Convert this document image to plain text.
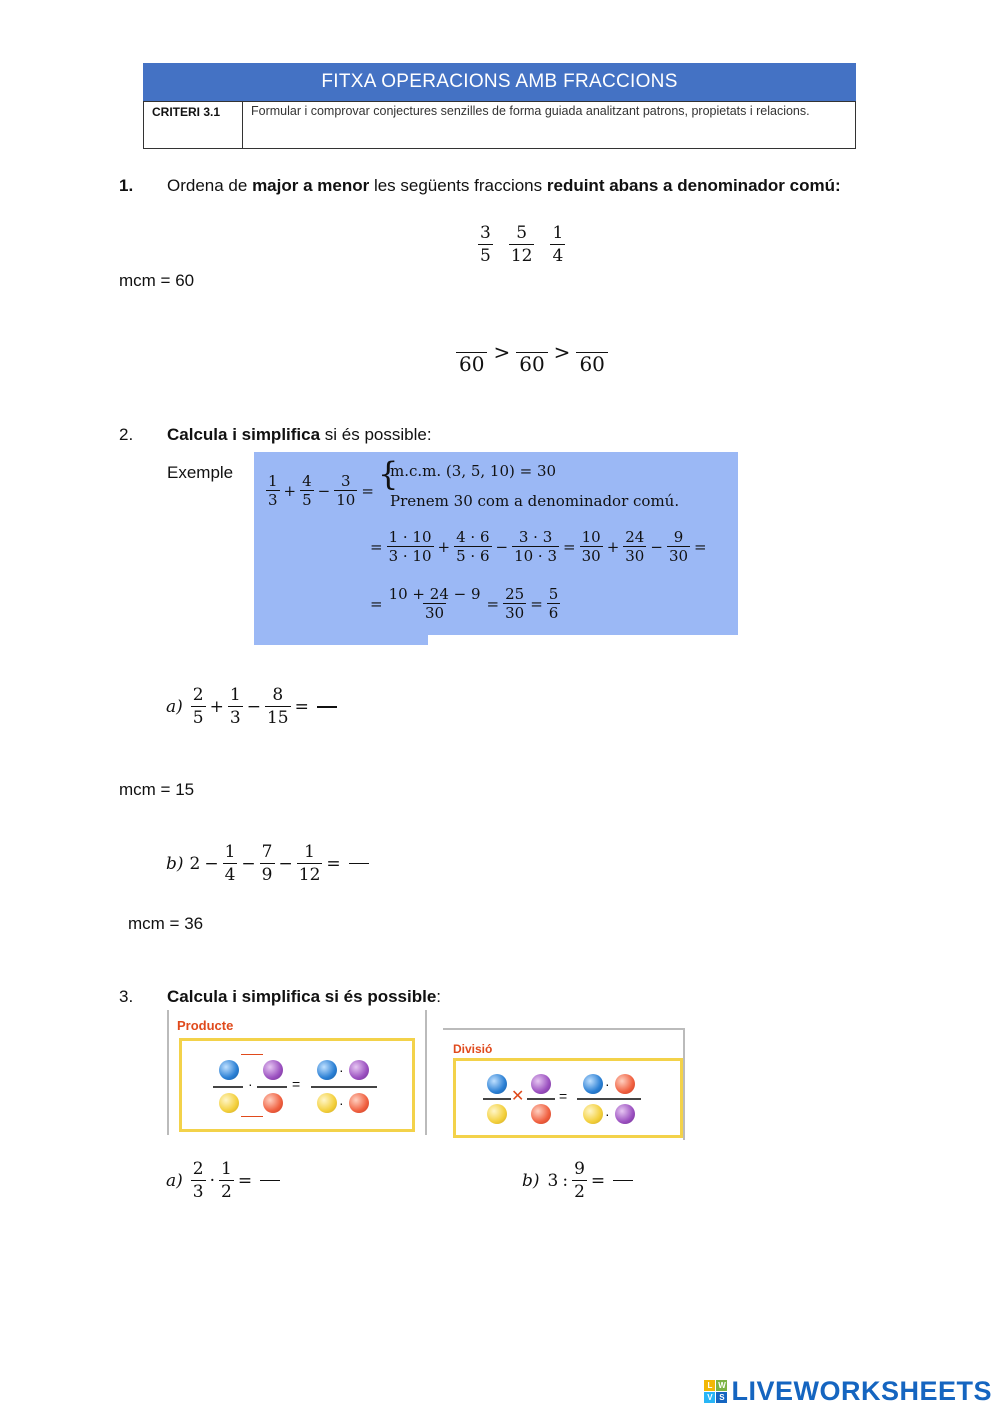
FITXA OPERACIONS AMB FRACCIONS
CRITERI 3.1	Formular i comprovar conjectures senzilles de forma guiada analitzant patrons, propietats i relacions.
1. Ordena de major a menor les següents fraccions reduint abans a denominador comú:
$\frac{3}{5} \frac{5}{12} \frac{1}{4}$
mcm = 60
60
>
60
>
60
2. Calcula i simplifica si és possible:
Exemple $\frac{1}{3} + \frac{4}{5} - \frac{3}{10}$ = {
m.c.m. (3, 5, 10) = 30
Prenem 30 com a denominador comú.
= $\frac{1 \cdot 10}{3 \cdot 10} + \frac{4 \cdot 6}{5 \cdot 6} - \frac{3 \cdot 3}{10 \cdot 3} = \frac{10}{30} + \frac{24}{30} - \frac{9}{30}$ =
= $\frac{10 + 24 - 9}{30} = \frac{25}{30} = \frac{5}{6}$
$a) \frac{2}{5} + \frac{1}{3} - \frac{8}{15}$ =
mcm = 15
b) $2 - \frac{1}{4} - \frac{7}{9} - \frac{1}{12}$ =
mcm = 36
3. Calcula i simplifica si és possible:
Producte
·	=
·
·
Divisió
✕ =
·
·
$a) \frac{2}{3} \cdot \frac{1}{2}$ =	b) 3 : $\frac{9}{2}$ =
L W
V S LIVEWORKSHEETS
